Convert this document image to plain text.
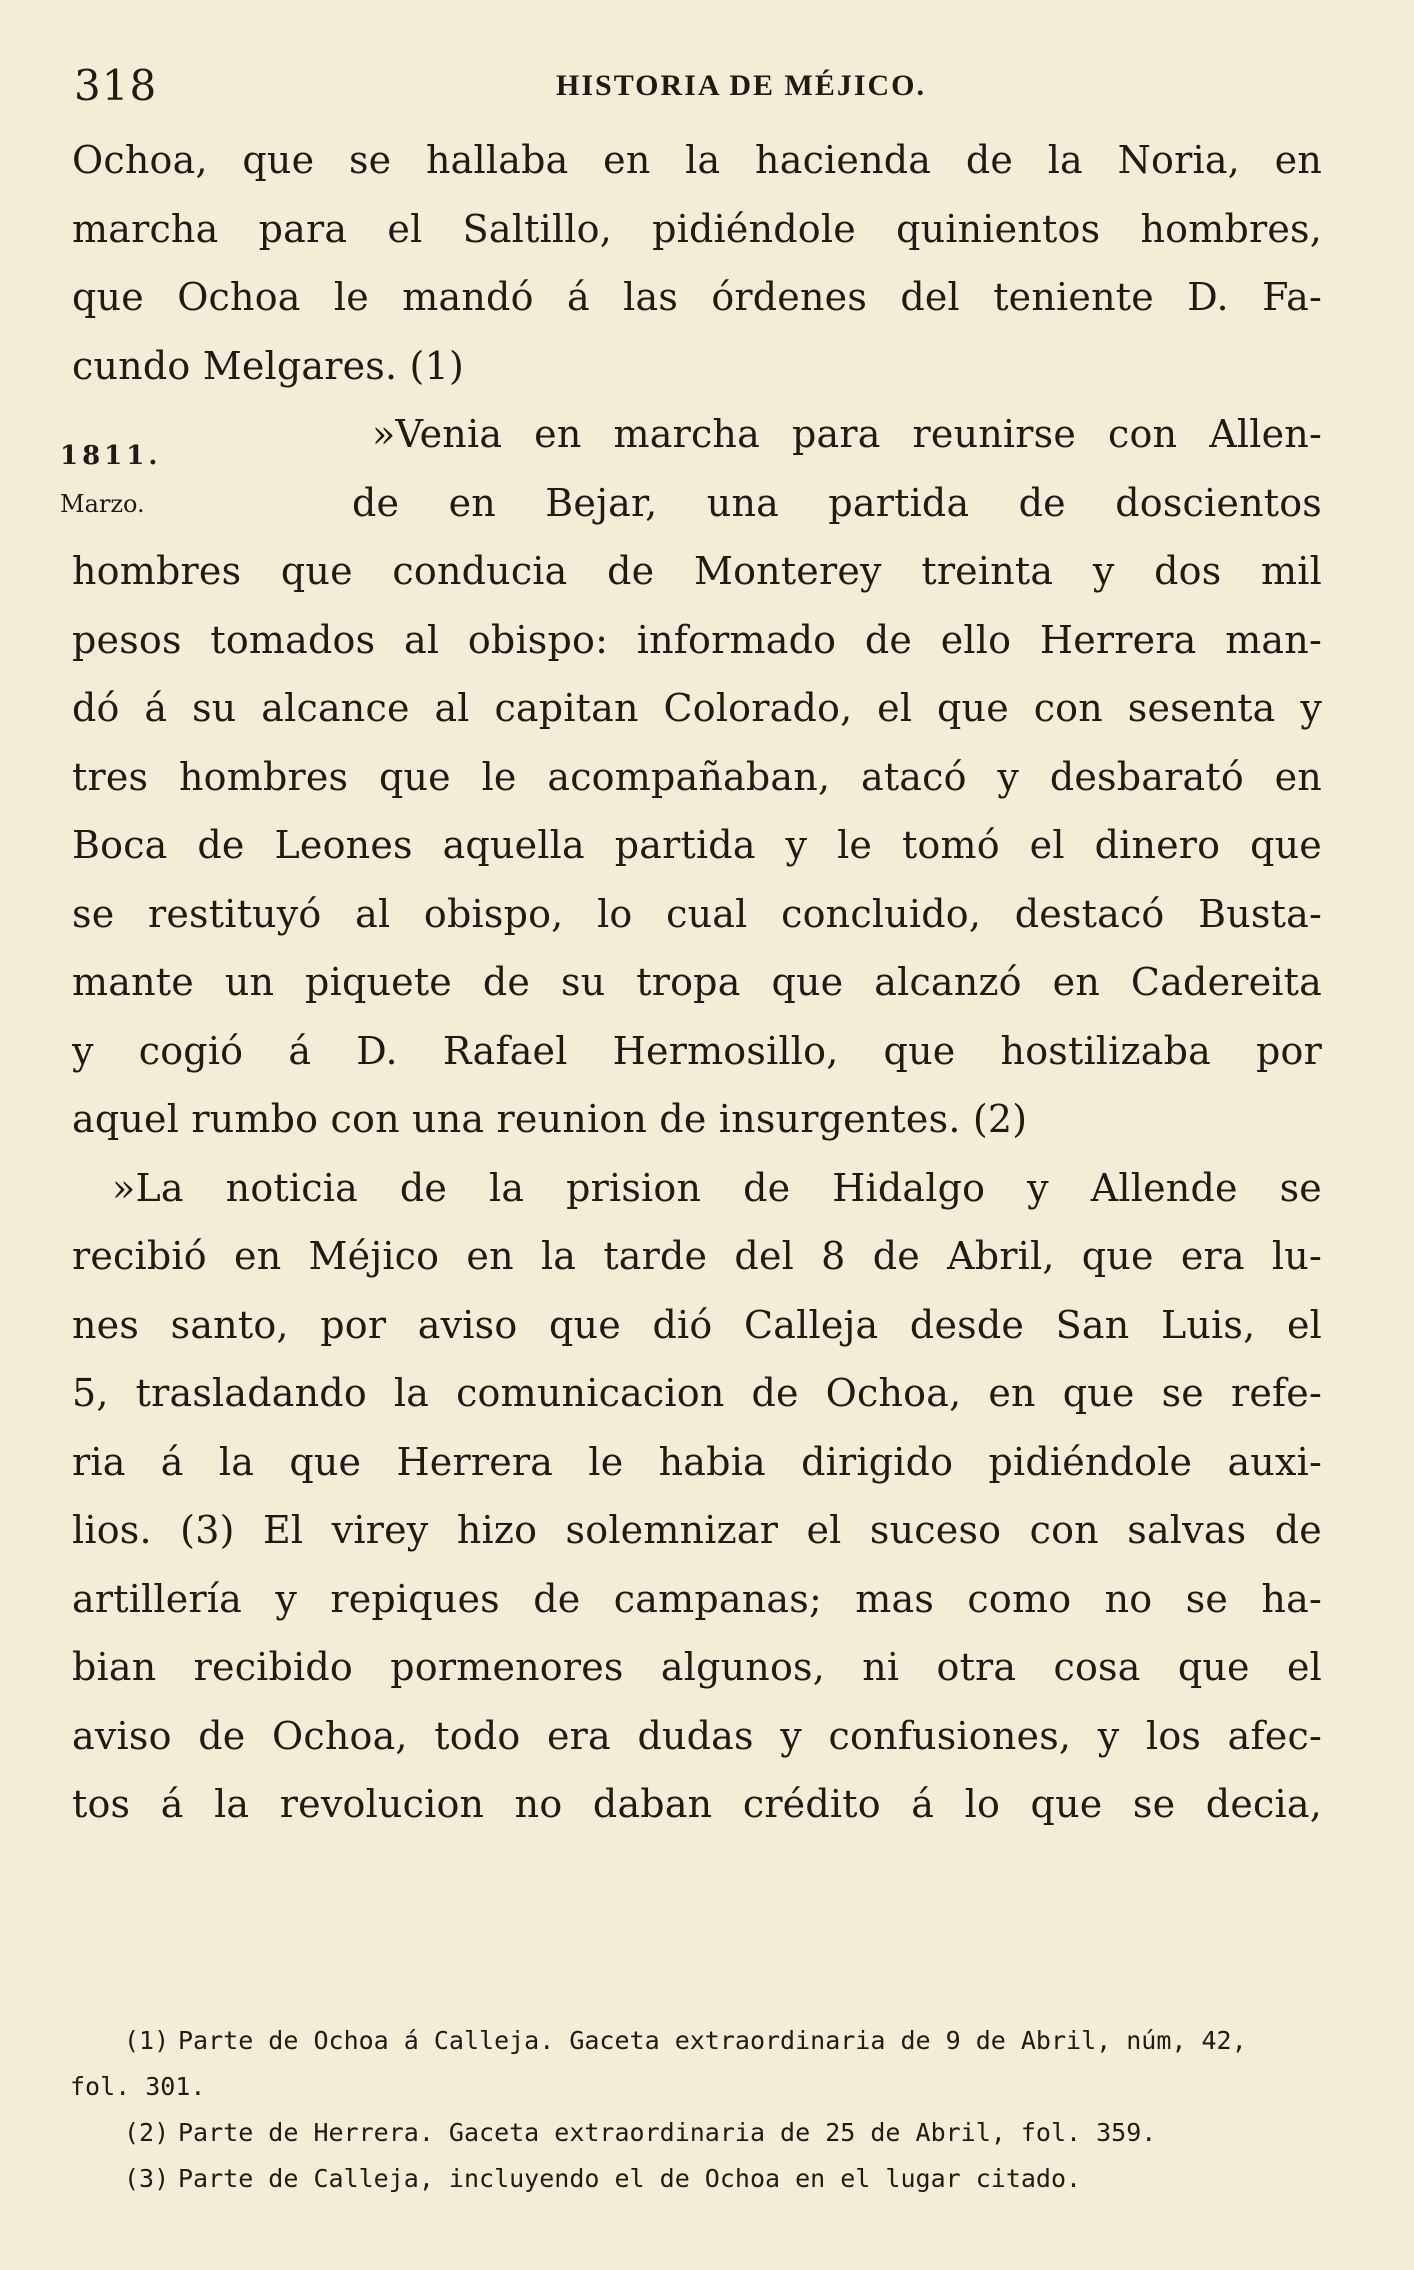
318	HISTORIA DE MÉJICO.
1811.
Marzo.
Ochoa, que se hallaba en la hacienda de la Noria, en
marcha para el Saltillo, pidiéndole quinientos hombres,
que Ochoa le mandó á las órdenes del teniente D. Fa-
cundo Melgares. (1)
»Venia en marcha para reunirse con Allen-
de en Bejar, una partida de doscientos
hombres que conducia de Monterey treinta y dos mil
pesos tomados al obispo: informado de ello Herrera man-
dó á su alcance al capitan Colorado, el que con sesenta y
tres hombres que le acompañaban, atacó y desbarató en
Boca de Leones aquella partida y le tomó el dinero que
se restituyó al obispo, lo cual concluido, destacó Busta-
mante un piquete de su tropa que alcanzó en Cadereita
y cogió á D. Rafael Hermosillo, que hostilizaba por
aquel rumbo con una reunion de insurgentes. (2)
»La noticia de la prision de Hidalgo y Allende se
recibió en Méjico en la tarde del 8 de Abril, que era lu-
nes santo, por aviso que dió Calleja desde San Luis, el
5, trasladando la comunicacion de Ochoa, en que se refe-
ria á la que Herrera le habia dirigido pidiéndole auxi-
lios. (3) El virey hizo solemnizar el suceso con salvas de
artillería y repiques de campanas; mas como no se ha-
bian recibido pormenores algunos, ni otra cosa que el
aviso de Ochoa, todo era dudas y confusiones, y los afec-
tos á la revolucion no daban crédito á lo que se decia,
(1) Parte de Ochoa á Calleja. Gaceta extraordinaria de 9 de Abril, núm, 42,
fol. 301.
(2) Parte de Herrera. Gaceta extraordinaria de 25 de Abril, fol. 359.
(3) Parte de Calleja, incluyendo el de Ochoa en el lugar citado.
